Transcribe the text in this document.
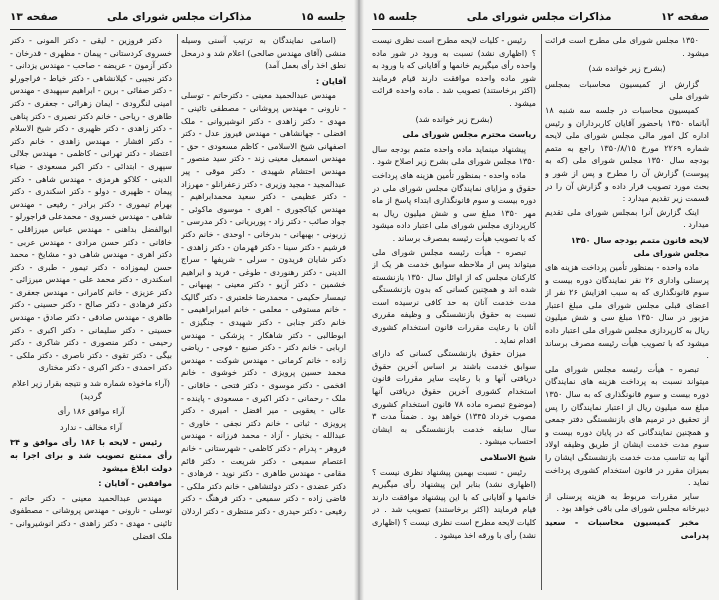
جلسه ۱۵
مذاکرات مجلس شورای ملی
صفحه ۱۳

(اسامی نمایندگان به ترتیب آسنی وسیله منشی (آقای مهندس صالحی) اعلام شد و درمحل نطق اخذ رأی بعمل آمد)

آقایان :

مهندس عبدالحمید معینی - دکترحاتم - توسلی - نارونی - مهندس پروشانی - مصطفی تائینی - مهدی - دکتر زاهدی - دکتر انوشیروانی - ملک افضلی - جهانشاهی - مهندس فیروز عدل - دکتر اصفهانی شیخ الاسلامی - کاظم مسعودی - حق - مهندس اسمعیل معینی زند - دکتر سید منصور - مهندس احتشام شهیدی - دکتر موقی - پیر عبدالمجید - مجید وزیری - دکتر زعفرانلو - مهرزاد - دکتر عظیمی - دکتر سعید محمدابراهیم - مهندس کیاکجوری - اهری - موسوی ماکوئی - جواد صائب - دکتر زاد - پوربریانی - ذکر مدرسی - زربونی - بهبهانی - بدرخانی - اوحدی - خانم دکتر فرشیم - دکتر سینا - دکتر قهرمان - دکتر زاهدی - دکتر شایان فریدون - سرلی - شریفها - سراج الدینی - دکتر رهنوردی - طوغی - فرید و ابراهیم خشمین - دکتر آزیو - دکتر معینی - بهبهانی - تیمسار حکیمی - محمدرضا خلعتبری - دکتر گالیک - خانم مستوفی - معلمی - خانم امیرابراهیمی - خانم دکتر جنابی - دکتر شهیدی - جنگیزی - ابوطالبی - دکتر شاهکار - پزشکی - مهندس اربابی - خانم دکتر - دکتر صنیع - فوجی - ریاضی زاده - خانم کرمانی - مهندس شوکت - مهندس محمد حسین پرویزی - دکتر خوشوی - خانم افخمی - دکتر موسوی - دکتر فتحی - خاقانی - ملک - رحمانی - دکتر اکبری - مسعودی - پاینده - عالی - یعقوبی - میر افضل - امیری - دکتر پرویزی - ثباتی - خانم دکتر نجفی - خاوری - عبدالله - بختیار - آزاد - محمد فرزانه - مهندس فروهر - پدرام - دکتر کاظمی - شهرستانی - خانم اعتصام سمیعی - دکتر شریعت - دکتر قائم مقامی - مهندس طاهری - دکتر نوید - فرهادی - دکتر عضدی - دکتر دولتشاهی - خانم دکتر ملکی - قاضی زاده - دکتر سمیعی - دکتر فرهنگ - دکتر رفیعی - دکتر حیدری - دکتر منتظری - دکتر اردلان

دکتر فروزین - لیقی - دکتر المونی - دکتر خسروی کردستانی - پیمان - مظهری - قدرخان - دکتر آزمون - عریضه - صاحب - مهندس یزدانی - دکتر نجیبی - کیلانشاهی - دکتر خیاط - فراجورلو - دکتر صفائی - برین - ابراهیم سپهبدی - مهندس امینی لنگرودی - ایمان زهرائی - جعفری - دکتر طاهری - ریاحی - خانم دکتر نصیری - دکتر پناهی - دکتر زاهدی - دکتر ظهیری - دکتر شیخ الاسلام - دکتر افشار - مهندس زاهدی - خانم دکتر اعتضاد - دکتر تهرانی - کاظمی - مهندس جلالی سپهری - ابتدائی - دکتر اکبر مسعودی - ضیاء الدینی - کلاکو هرمزی - مهندس شاهی - دکتر پیمان - ظهیری - دولو - دکتر اسکندری - دکتر بهرام تیموری - دکتر برادر - رفیعی - مهندس شاهی - مهندس خسروی - محمدعلی فراجورلو - ابوالفضل بداهنی - مهندس عباس میرزاقلی - خاقانی - دکتر حسن مرادی - مهندس عربی - دکتر اهری - مهندس شاهی دو - مشایخ - محمد حسن لیموزاده - دکتر تیمور - طبری - دکتر اسکندری - دکتر محمد علی - مهندس میرزائی - دکتر عزیزی - خانم کامرانی - مهندس جعفری - دکتر فرهادی - دکتر صالح - دکتر حسینی - دکتر طاهری - مهندس صادقی - دکتر صادق - مهندس حسینی - دکتر سلیمانی - دکتر اکبری - دکتر رحیمی - دکتر منصوری - دکتر شاکری - دکتر بیگی - دکتر تقوی - دکتر ناصری - دکتر ملکی - دکتر احمدی - دکتر اکبری - دکتر مختاری

(آراء ماخوذه شماره شد و نتیجه بقرار زیر اعلام گردید)

آراء موافق ۱۸۶ رأی

آراء مخالف - ندارد

رئیس - لایحه با ۱۸۶ رأی موافق و ۳۴ رأی ممتنع تصویب شد و برای اجرا به دولت ابلاغ میشود

موافقین - آقایان :

مهندس عبدالحمید معینی - دکتر حاتم - توسلی - نارونی - مهندس پروشانی - مصطفوی تائینی - مهدی - دکتر زاهدی - دکتر انوشیروانی - ملک افضلی

صفحه ۱۲
مذاکرات مجلس شورای ملی
جلسه ۱۵

۱۳۵۰ مجلس شورای ملی مطرح است قرائت میشود .

(بشرح زیر خوانده شد)

گزارش از کمیسیون محاسبات بمجلس شورای ملی

کمیسیون محاسبات در جلسه سه شنبه ۱۸ آبانماه ۱۳۵۰ باحضور آقایان کاربرداران و رئیس اداره کل امور مالی مجلس شورای ملی لایحه شماره ۲۲۶۹ مورخ ۱۳۵۰/۸/۱۵ راجع به متمم بودجه سال ۱۳۵۰ مجلس شورای ملی (که به پیوست) گزارش آن را مطرح و پس از شور و بحث مورد تصویب قرار داده و گزارش آن را در قسمت زیر تقدیم میدارد :

اینک گزارش آنرا بمجلس شورای ملی تقدیم میدارد .

لایحه قانون متمم بودجه سال ۱۳۵۰ مجلس شورای ملی

ماده واحده - بمنظور تأمین پرداخت هزینه های پرسنلی واداری ۲۶ نفر نمایندگان دوره بیست و سوم قانونگذاری که به سبب افزایش ۲۶ نفر از اعضای قبلی مجلس شورای ملی مبلغ اعتبار مزبور در سال ۱۳۵۰ مبلغ سی و شش میلیون ریال به کارپردازی مجلس شورای ملی اعتبار داده میشود که با تصویب هیأت رئیسه مصرف برساند .

تبصره - هیأت رئیسه مجلس شورای ملی میتواند نسبت به پرداخت هزینه های نمایندگان دوره بیست و سوم قانونگذاری که به سال ۱۳۵۰ مبلغ سه میلیون ریال از اعتبار نمایندگان را پس از تحقیق در ترمیم های بازنشستگی دفتر جمعی و همچنین نمایندگانی که در پایان دوره بیست و سوم مدت خدمت ایشان از طریق وظیفه اولاد آنها به تناسب مدت خدمت بازنشستگی ایشان را بمیزان مقرر در قانون استخدام کشوری پرداخت نماید .

سایر مقررات مربوط به هزینه پرسنلی از دبیرخانه مجلس شورای ملی باقی خواهد بود .

مخبر کمیسیون محاسبات - سعید پدرامی

رئیس - کلیات لایحه مطرح است نظری نیست ؟ (اظهاری نشد) نسبت به ورود در شور ماده واحده رأی میگیریم خانمها و آقایانی که با ورود به شور ماده واحده موافقت دارند قیام فرمایند (اکثر برخاستند) تصویب شد . ماده واحده قرائت میشود .

(بشرح زیر خوانده شد)

ریاست محترم مجلس شورای ملی

پیشنهاد مینماید ماده واحده متمم بودجه سال ۱۳۵۰ مجلس شورای ملی بشرح زیر اصلاح شود .

ماده واحده - بمنظور تأمین هزینه های پرداخت حقوق و مزایای نمایندگان مجلس شورای ملی در دوره بیست و سوم قانونگذاری ابتداء پاسخ از ماه مهر ۱۳۵۰ مبلغ سی و شش میلیون ریال به کارپردازی مجلس شورای ملی اعتبار داده میشود که با تصویب هیأت رئیسه بمصرف برساند .

تبصره - هیأت رئیسه مجلس شورای ملی میتواند پس از ملاحظه سوابق خدمت هر یک از کارکنان مجلس که از اوائل سال ۱۳۵۰ بازنشسته شده اند و همچنین کسانی که بدون بازنشستگی مدت خدمت آنان به حد کافی نرسیده است نسبت به حقوق بازنشستگی و وظیفه مقرری آنان با رعایت مقررات قانون استخدام کشوری اقدام نماید .

میزان حقوق بازنشستگی کسانی که دارای سوابق خدمت باشند بر اساس آخرین حقوق دریافتی آنها و با رعایت سایر مقررات قانون استخدام کشوری آخرین حقوق دریافتی آنها (موضوع تبصره ماده ۷۸ قانون استخدام کشوری مصوب خرداد ۱۳۴۵) خواهد بود . ضمناً مدت ۳ سال سابقه خدمت بازنشستگی به ایشان احتساب میشود .

شیخ الاسلامی

رئیس - نسبت بهمین پیشنهاد نظری نیست ؟ (اظهاری نشد) بنابر این پیشنهاد رأی میگیریم خانمها و آقایانی که با این پیشنهاد موافقت دارند قیام فرمایند (اکثر برخاستند) تصویب شد . در کلیات لایحه مطرح است نظری نیست ؟ (اظهاری نشد) رأی با ورقه اخذ میشود .
